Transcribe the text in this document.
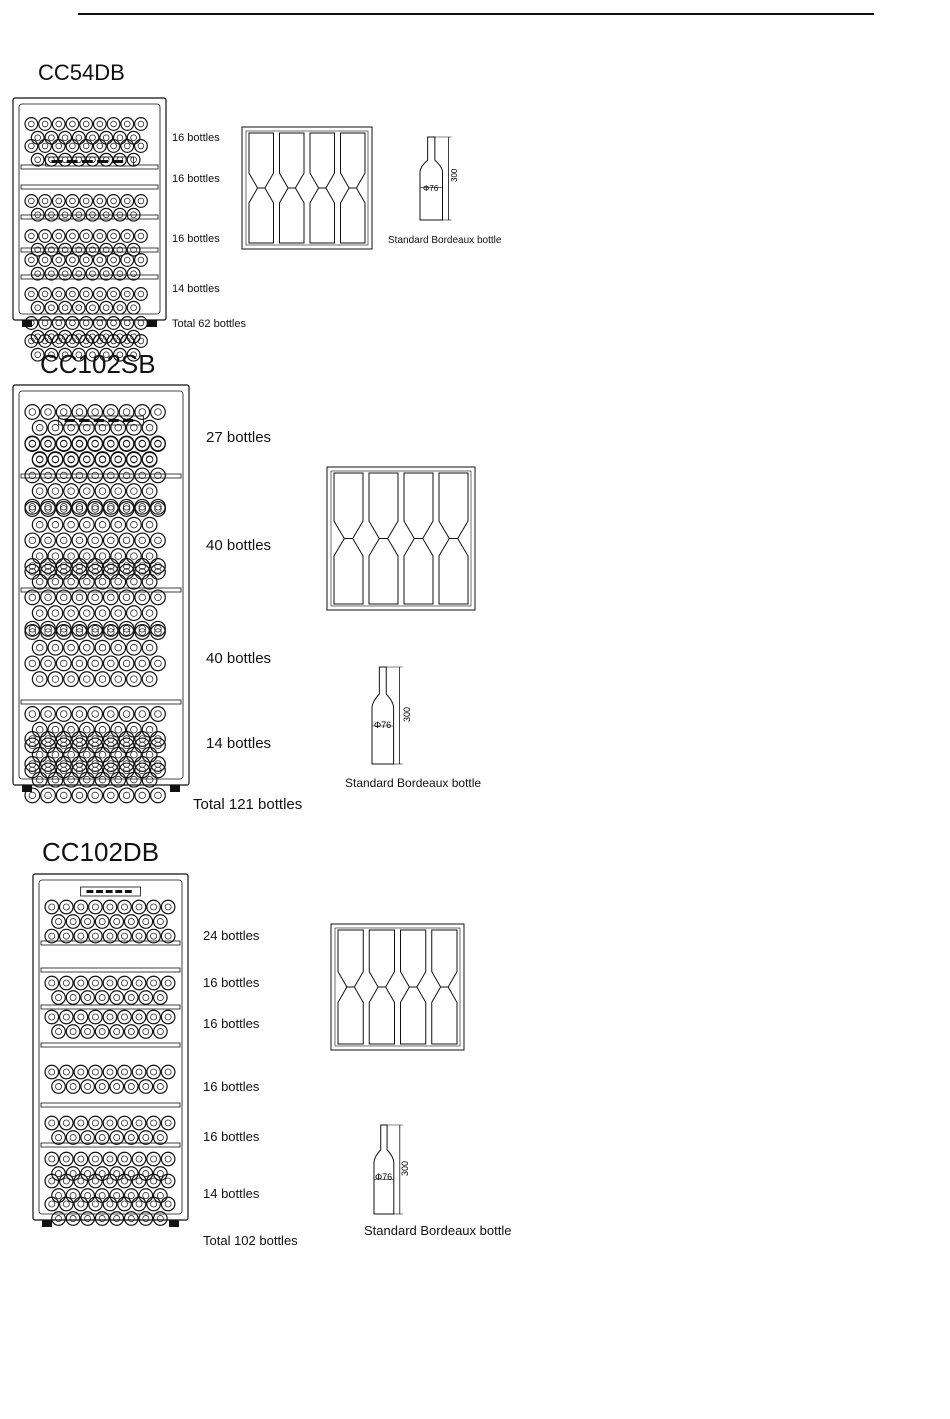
CC54DB
16 bottles
16 bottles
16 bottles
14 bottles
Total 62 bottles
Φ76
300
Standard Bordeaux bottle
CC102SB
27 bottles
40 bottles
40 bottles
14 bottles
Total 121 bottles
Φ76
300
Standard Bordeaux bottle
CC102DB
24 bottles
16 bottles
16 bottles
16 bottles
16 bottles
14 bottles
Total 102 bottles
Φ76
300
Standard Bordeaux bottle
